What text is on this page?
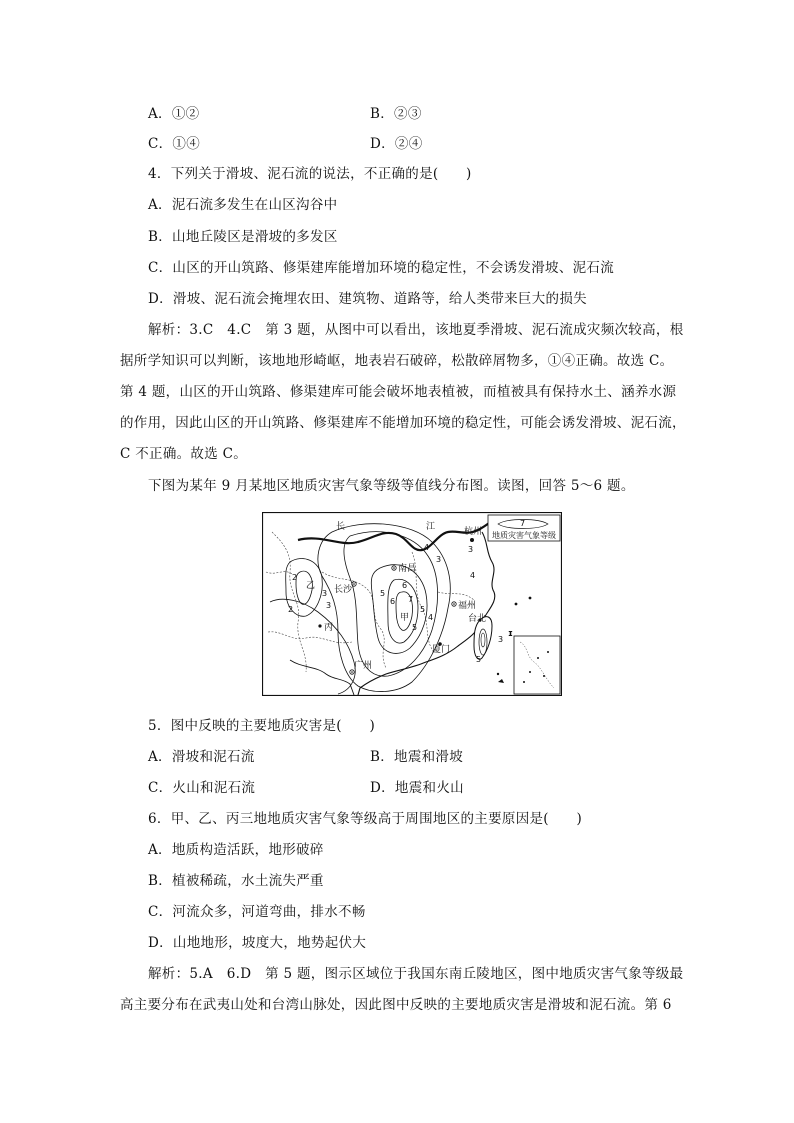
A．①②	B．②③
C．①④	D．②④
4．下列关于滑坡、泥石流的说法，不正确的是(　　)
A．泥石流多发生在山区沟谷中
B．山地丘陵区是滑坡的多发区
C．山区的开山筑路、修渠建库能增加环境的稳定性，不会诱发滑坡、泥石流
D．滑坡、泥石流会掩埋农田、建筑物、道路等，给人类带来巨大的损失
解析：3.C　4.C　第 3 题，从图中可以看出，该地夏季滑坡、泥石流成灾频次较高，根
据所学知识可以判断，该地地形崎岖，地表岩石破碎，松散碎屑物多，①④正确。故选 C。
第 4 题，山区的开山筑路、修渠建库可能会破坏地表植被，而植被具有保持水土、涵养水源
的作用，因此山区的开山筑路、修渠建库不能增加环境的稳定性，可能会诱发滑坡、泥石流，
C 不正确。故选 C。
下图为某年 9 月某地区地质灾害气象等级等值线分布图。读图，回答 5～6 题。
7
地质灾害气象等级
ɪ
长	江	杭州
南昌
长沙
福州
台北
厦门
广州
甲
乙
丙
2
3
3
4
3
5
6 7
5
4
3
4
5
6
5
3
2
5．图中反映的主要地质灾害是(　　)
A．滑坡和泥石流	B．地震和滑坡
C．火山和泥石流	D．地震和火山
6．甲、乙、丙三地地质灾害气象等级高于周围地区的主要原因是(　　)
A．地质构造活跃，地形破碎
B．植被稀疏，水土流失严重
C．河流众多，河道弯曲，排水不畅
D．山地地形，坡度大，地势起伏大
解析：5.A　6.D　第 5 题，图示区域位于我国东南丘陵地区，图中地质灾害气象等级最
高主要分布在武夷山处和台湾山脉处，因此图中反映的主要地质灾害是滑坡和泥石流。第 6
